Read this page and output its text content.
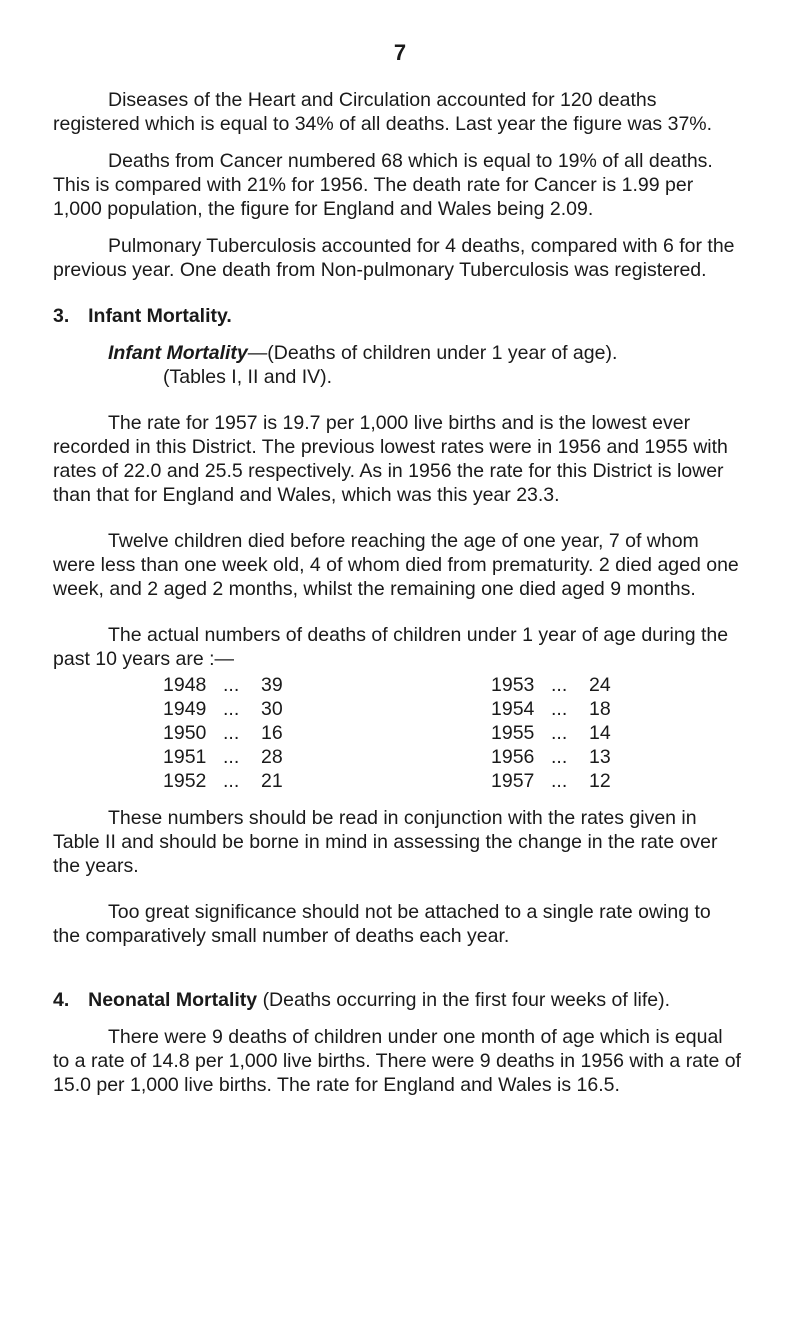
7

Diseases of the Heart and Circulation accounted for 120 deaths registered which is equal to 34% of all deaths. Last year the figure was 37%.

Deaths from Cancer numbered 68 which is equal to 19% of all deaths. This is compared with 21% for 1956. The death rate for Cancer is 1.99 per 1,000 population, the figure for England and Wales being 2.09.

Pulmonary Tuberculosis accounted for 4 deaths, compared with 6 for the previous year. One death from Non-pulmonary Tuberculosis was registered.

3. Infant Mortality.

Infant Mortality—(Deaths of children under 1 year of age).
(Tables I, II and IV).

The rate for 1957 is 19.7 per 1,000 live births and is the lowest ever recorded in this District. The previous lowest rates were in 1956 and 1955 with rates of 22.0 and 25.5 respectively. As in 1956 the rate for this District is lower than that for England and Wales, which was this year 23.3.

Twelve children died before reaching the age of one year, 7 of whom were less than one week old, 4 of whom died from prematurity. 2 died aged one week, and 2 aged 2 months, whilst the remaining one died aged 9 months.

The actual numbers of deaths of children under 1 year of age during the past 10 years are :—

1948	...	39	1953	...	24
1949	...	30	1954	...	18
1950	...	16	1955	...	14
1951	...	28	1956	...	13
1952	...	21	1957	...	12

These numbers should be read in conjunction with the rates given in Table II and should be borne in mind in assessing the change in the rate over the years.

Too great significance should not be attached to a single rate owing to the comparatively small number of deaths each year.

4. Neonatal Mortality (Deaths occurring in the first four weeks of life).

There were 9 deaths of children under one month of age which is equal to a rate of 14.8 per 1,000 live births. There were 9 deaths in 1956 with a rate of 15.0 per 1,000 live births. The rate for England and Wales is 16.5.
